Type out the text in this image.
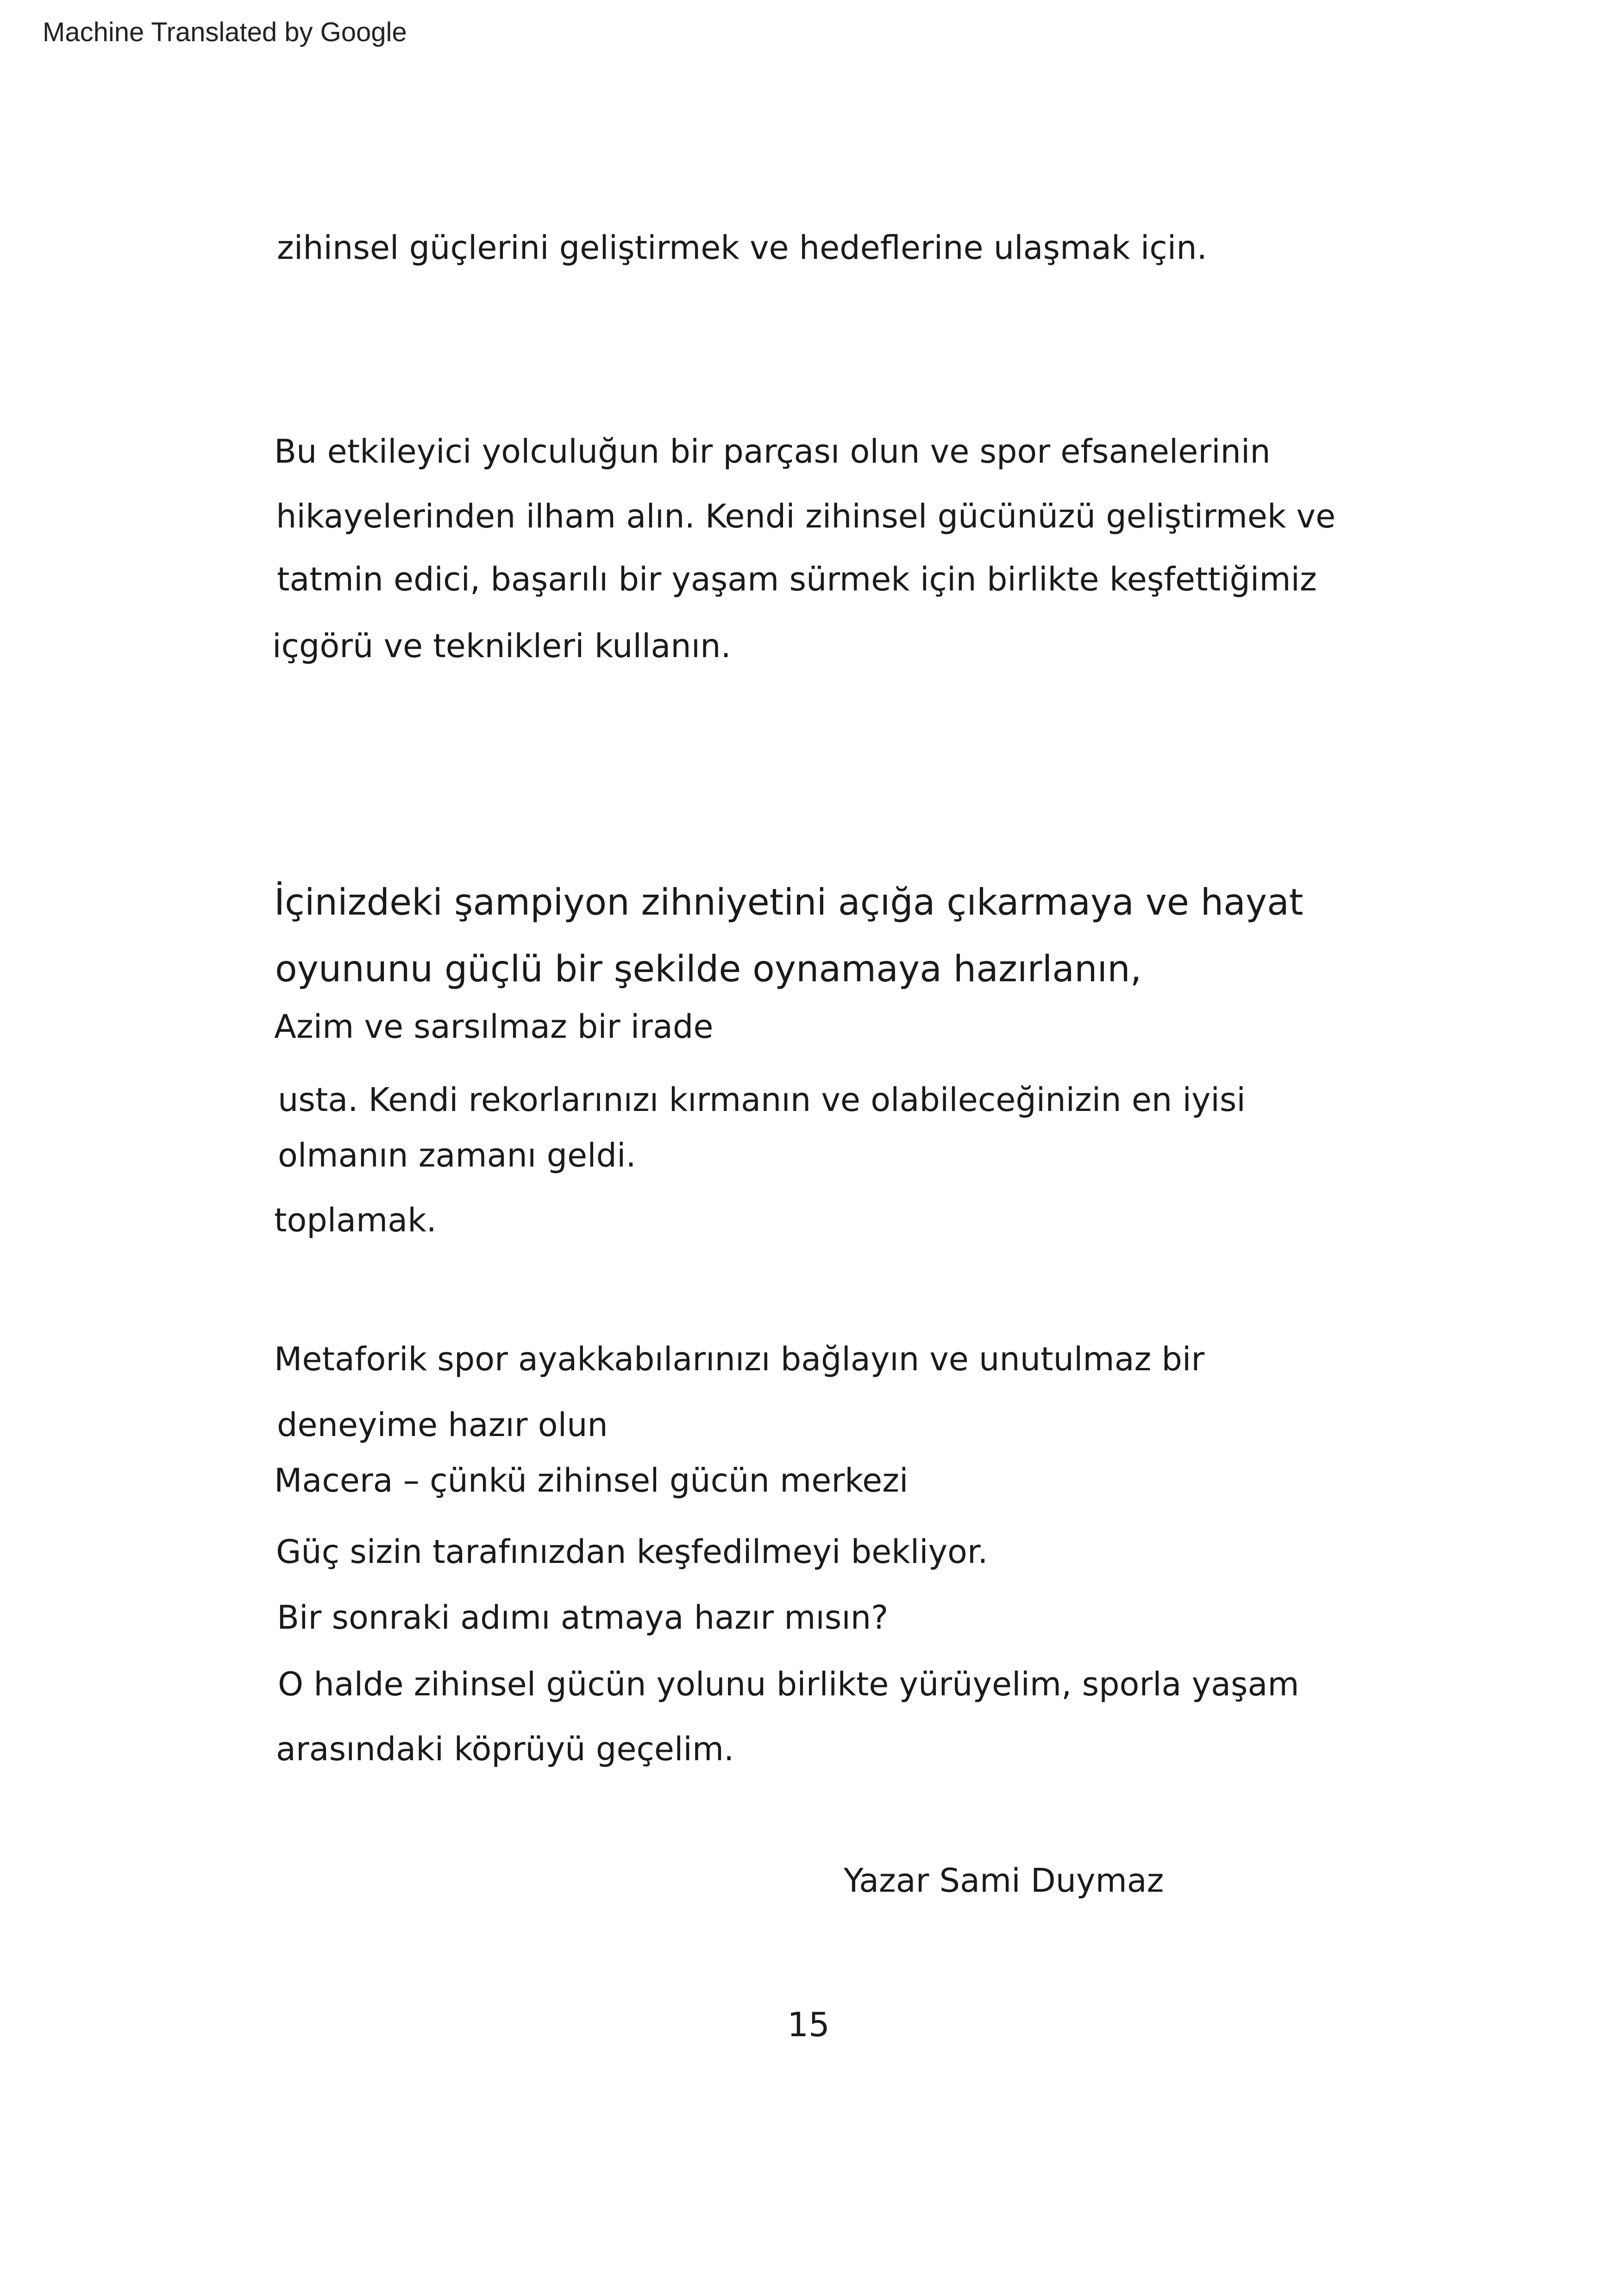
Machine Translated by Google
zihinsel güçlerini geliştirmek ve hedeflerine ulaşmak için.
Bu etkileyici yolculuğun bir parçası olun ve spor efsanelerinin
hikayelerinden ilham alın. Kendi zihinsel gücünüzü geliştirmek ve
tatmin edici, başarılı bir yaşam sürmek için birlikte keşfettiğimiz
içgörü ve teknikleri kullanın.
İçinizdeki şampiyon zihniyetini açığa çıkarmaya ve hayat
oyununu güçlü bir şekilde oynamaya hazırlanın,
Azim ve sarsılmaz bir irade
usta. Kendi rekorlarınızı kırmanın ve olabileceğinizin en iyisi
olmanın zamanı geldi.
toplamak.
Metaforik spor ayakkabılarınızı bağlayın ve unutulmaz bir
deneyime hazır olun
Macera – çünkü zihinsel gücün merkezi
Güç sizin tarafınızdan keşfedilmeyi bekliyor.
Bir sonraki adımı atmaya hazır mısın?
O halde zihinsel gücün yolunu birlikte yürüyelim, sporla yaşam
arasındaki köprüyü geçelim.
Yazar Sami Duymaz
15
